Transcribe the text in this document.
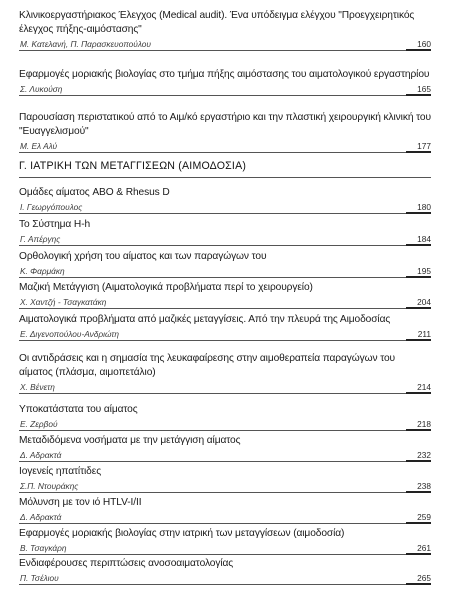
Κλινικοεργαστήριακος Έλεγχος (Medical audit). Ένα υπόδειγμα ελέγχου "Προεγχειρητικός έλεγχος πήξης-αιμόστασης"
Μ. Κατελανή, Π. Παρασκευοπούλου	160
Εφαρμογές μοριακής βιολογίας στο τμήμα πήξης αιμόστασης του αιματολογικού εργαστηρίου
Σ. Λυκούση	165
Παρουσίαση περιστατικού από το Αιμ/κό εργαστήριο και την πλαστική χειρουργική κλινική του "Ευαγγελισμού"
Μ. Ελ Αλύ	177
Γ. ΙΑΤΡΙΚΗ ΤΩΝ ΜΕΤΑΓΓΙΣΕΩΝ (ΑΙΜΟΔΟΣΙΑ)
Ομάδες αίματος ABO & Rhesus D
Ι. Γεωργόπουλος	180
Το Σύστημα H-h
Γ. Απέργης	184
Ορθολογική χρήση του αίματος και των παραγώγων του
Κ. Φαρμάκη	195
Μαζική Μετάγγιση (Αιματολογικά προβλήματα περί το χειρουργείο)
Χ. Χαντζή - Τσαγκατάκη	204
Αιματολογικά προβλήματα από μαζικές μεταγγίσεις. Από την πλευρά της Αιμοδοσίας
Ε. Διγενοπούλου-Ανδριώτη	211
Οι αντιδράσεις και η σημασία της λευκαφαίρεσης στην αιμοθεραπεία παραγώγων του αίματος (πλάσμα, αιμοπετάλιο)
Χ. Βένετη	214
Υποκατάστατα του αίματος
Ε. Ζερβού	218
Μεταδιδόμενα νοσήματα με την μετάγγιση αίματος
Δ. Αδρακτά	232
Ιογενείς ηπατίτιδες
Σ.Π. Ντουράκης	238
Μόλυνση με τον ιό HTLV-I/II
Δ. Αδρακτά	259
Εφαρμογές μοριακής βιολογίας στην ιατρική των μεταγγίσεων (αιμοδοσία)
Β. Τσαγκάρη	261
Ενδιαφέρουσες περιπτώσεις ανοσοαιματολογίας
Π. Τσέλιου	265
